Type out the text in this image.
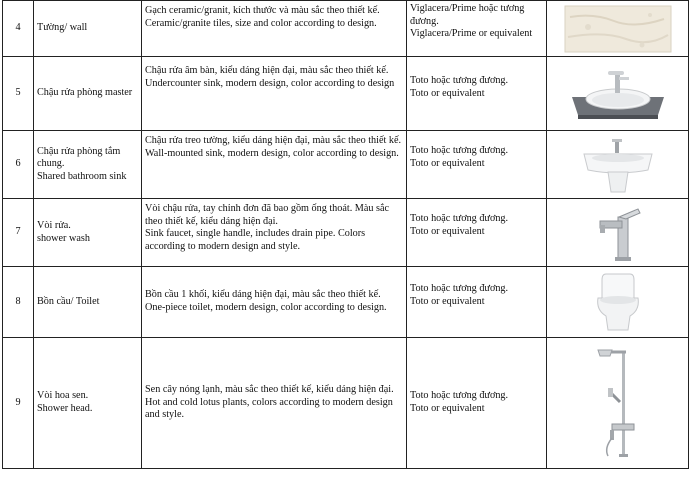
4	Tường/ wall	Gạch ceramic/granit, kích thước và màu sắc theo thiết kế.
Ceramic/granite tiles, size and color according to design.	Viglacera/Prime hoặc tương đương.
Viglacera/Prime or equivalent

5	Chậu rửa phòng master	Chậu rửa âm bàn, kiểu dáng hiện đại, màu sắc theo thiết kế.
Undercounter sink, modern design, color according to design	Toto hoặc tương đương.
Toto or equivalent

6	Chậu rửa phòng tắm chung.
Shared bathroom sink	Chậu rửa treo tường, kiểu dáng hiện đại, màu sắc theo thiết kế.
Wall-mounted sink, modern design, color according to design.	Toto hoặc tương đương.
Toto or equivalent

7	Vòi rửa.
shower wash	Vòi chậu rửa, tay chỉnh đơn đã bao gồm ống thoát. Màu sắc theo thiết kế, kiểu dáng hiện đại.
Sink faucet, single handle, includes drain pipe. Colors according to modern design and style.	Toto hoặc tương đương.
Toto or equivalent

8	Bồn cầu/ Toilet	Bồn cầu 1 khối, kiểu dáng hiện đại, màu sắc theo thiết kế.
One-piece toilet, modern design, color according to design.	Toto hoặc tương đương.
Toto or equivalent

9	Vòi hoa sen.
Shower head.	Sen cây nóng lạnh, màu sắc theo thiết kế, kiểu dáng hiện đại.
Hot and cold lotus plants, colors according to modern design and style.	Toto hoặc tương đương.
Toto or equivalent
